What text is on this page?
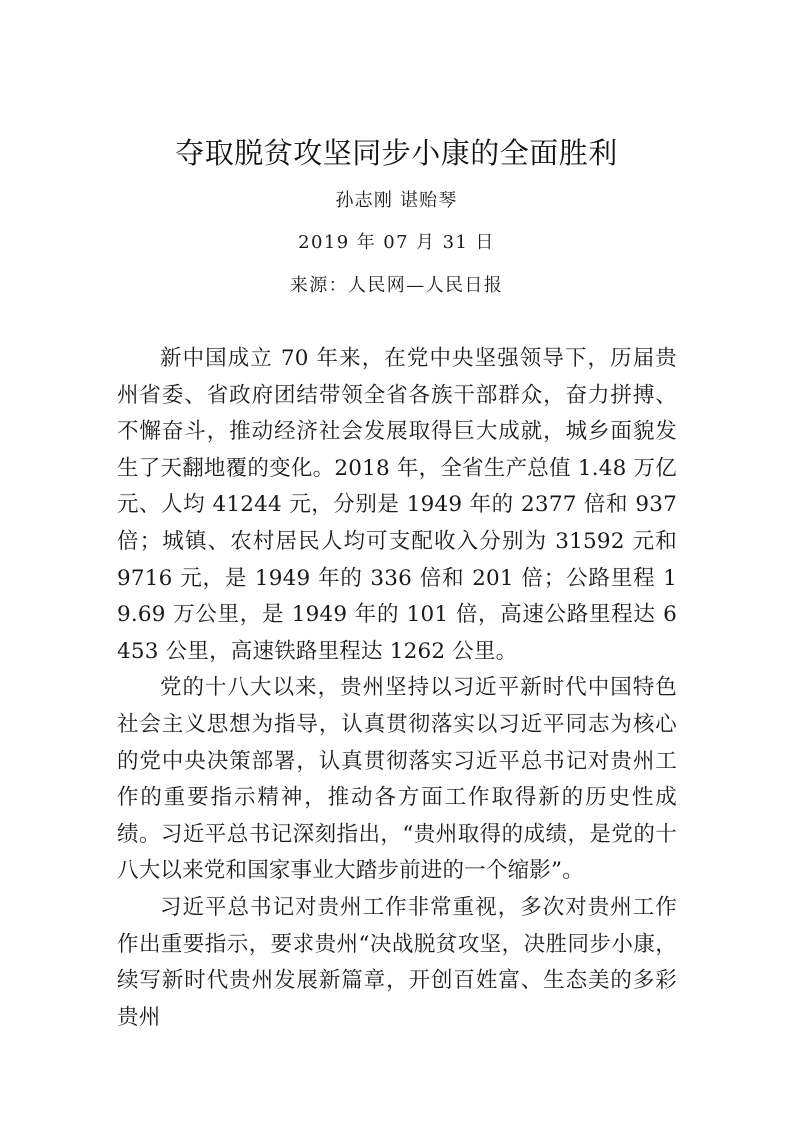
夺取脱贫攻坚同步小康的全面胜利
孙志刚 谌贻琴
2019 年 07 月 31 日
来源：人民网—人民日报

新中国成立 70 年来，在党中央坚强领导下，历届贵州省委、省政府团结带领全省各族干部群众，奋力拼搏、不懈奋斗，推动经济社会发展取得巨大成就，城乡面貌发生了天翻地覆的变化。2018 年，全省生产总值 1.48 万亿元、人均 41244 元，分别是 1949 年的 2377 倍和 937 倍；城镇、农村居民人均可支配收入分别为 31592 元和 9716 元，是 1949 年的 336 倍和 201 倍；公路里程 19.69 万公里，是 1949 年的 101 倍，高速公路里程达 6453 公里，高速铁路里程达 1262 公里。

党的十八大以来，贵州坚持以习近平新时代中国特色社会主义思想为指导，认真贯彻落实以习近平同志为核心的党中央决策部署，认真贯彻落实习近平总书记对贵州工作的重要指示精神，推动各方面工作取得新的历史性成绩。习近平总书记深刻指出，“贵州取得的成绩，是党的十八大以来党和国家事业大踏步前进的一个缩影”。

习近平总书记对贵州工作非常重视，多次对贵州工作作出重要指示，要求贵州“决战脱贫攻坚，决胜同步小康，续写新时代贵州发展新篇章，开创百姓富、生态美的多彩贵州
